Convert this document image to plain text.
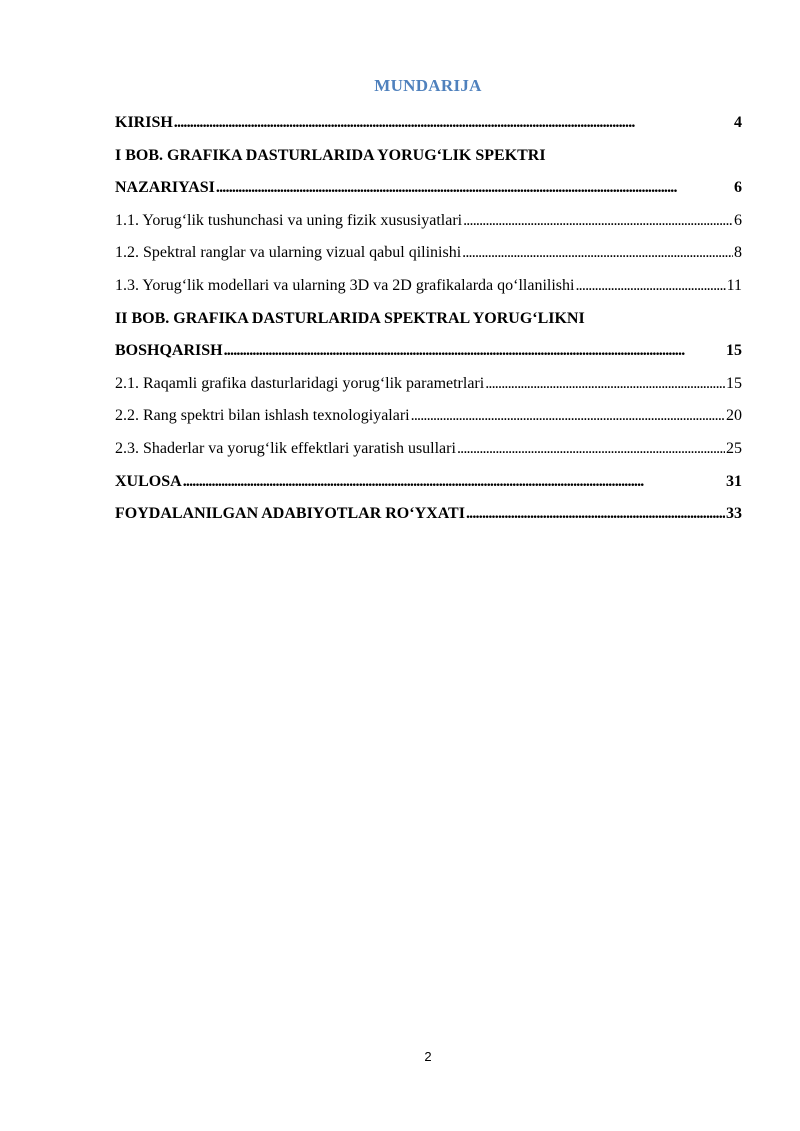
MUNDARIJA
KIRISH . . .	4
I BOB. GRAFIKA DASTURLARIDA YORUG‘LIK SPEKTRI
NAZARIYASI . . .	6
1.1. Yorug‘lik tushunchasi va uning fizik xususiyatlari . . .	6
1.2. Spektral ranglar va ularning vizual qabul qilinishi . . .	8
1.3. Yorug‘lik modellari va ularning 3D va 2D grafikalarda qo‘llanilishi . . .	11
II BOB. GRAFIKA DASTURLARIDA SPEKTRAL YORUG‘LIKNI
BOSHQARISH . . .	15
2.1. Raqamli grafika dasturlaridagi yorug‘lik parametrlari . . .	15
2.2. Rang spektri bilan ishlash texnologiyalari . . .	20
2.3. Shaderlar va yorug‘lik effektlari yaratish usullari . . .	25
XULOSA . . .	31
FOYDALANILGAN ADABIYOTLAR RO‘YXATI . . .	33
2
